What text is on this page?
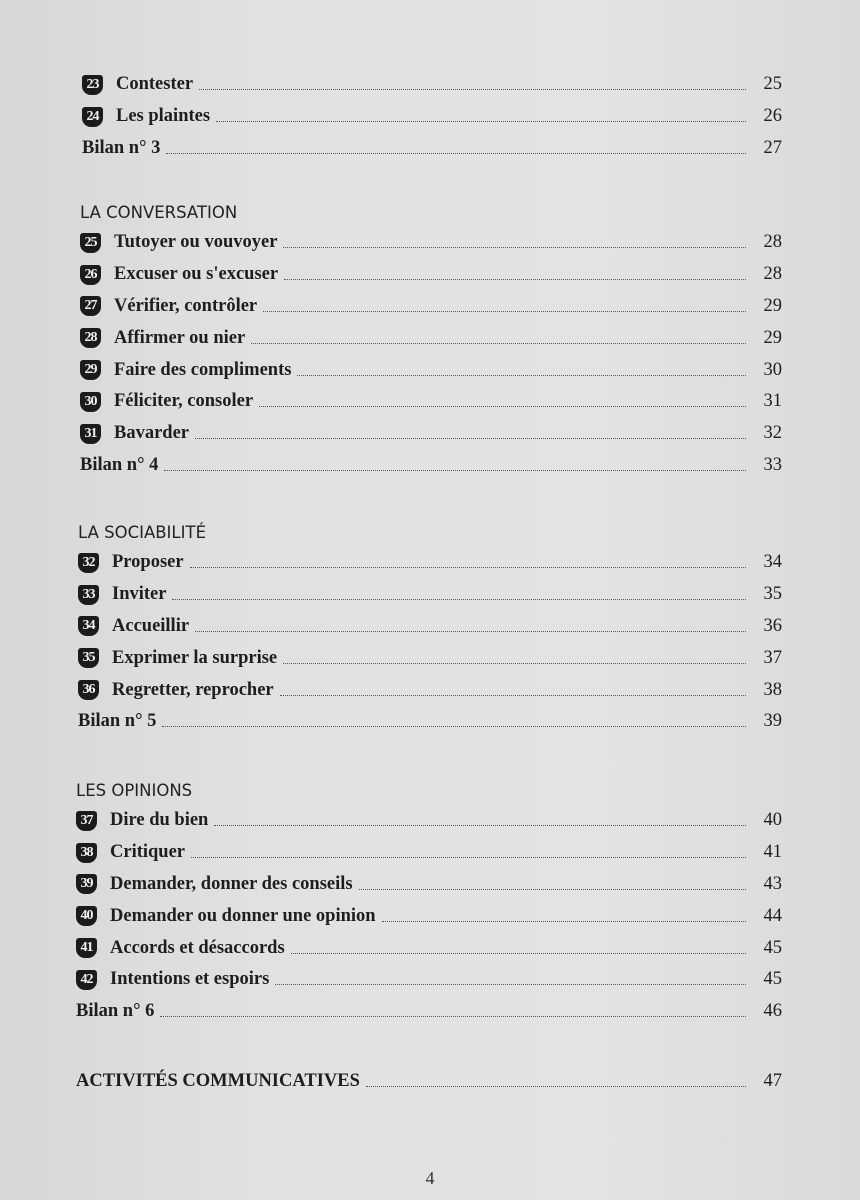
23 Contester	25
24 Les plaintes	26
Bilan n° 3	27
LA CONVERSATION
25 Tutoyer ou vouvoyer	28
26 Excuser ou s'excuser	28
27 Vérifier, contrôler	29
28 Affirmer ou nier	29
29 Faire des compliments	30
30 Féliciter, consoler	31
31 Bavarder	32
Bilan n° 4	33
LA SOCIABILITÉ
32 Proposer	34
33 Inviter	35
34 Accueillir	36
35 Exprimer la surprise	37
36 Regretter, reprocher	38
Bilan n° 5	39
LES OPINIONS
37 Dire du bien	40
38 Critiquer	41
39 Demander, donner des conseils	43
40 Demander ou donner une opinion	44
41 Accords et désaccords	45
42 Intentions et espoirs	45
Bilan n° 6	46
ACTIVITÉS COMMUNICATIVES	47
4
